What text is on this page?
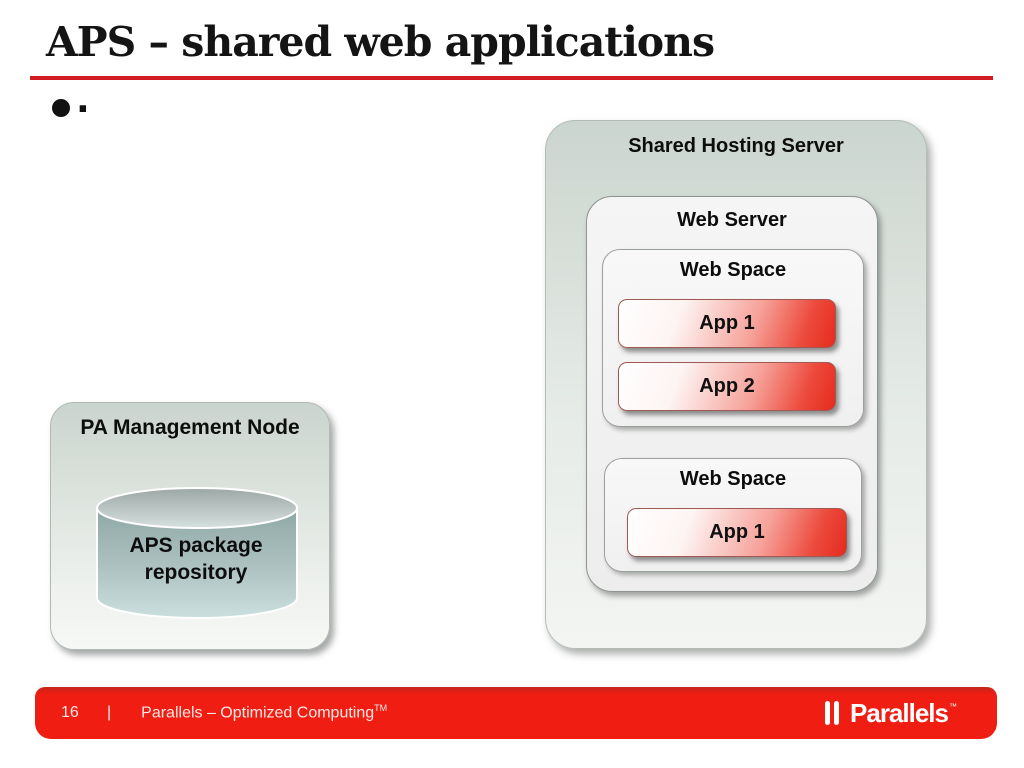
APS – shared web applications
.
PA Management Node
APS package repository
Shared Hosting Server
Web Server
Web Space
App 1
App 2
Web Space
App 1
16 | Parallels – Optimized Computing™	Parallels ™
